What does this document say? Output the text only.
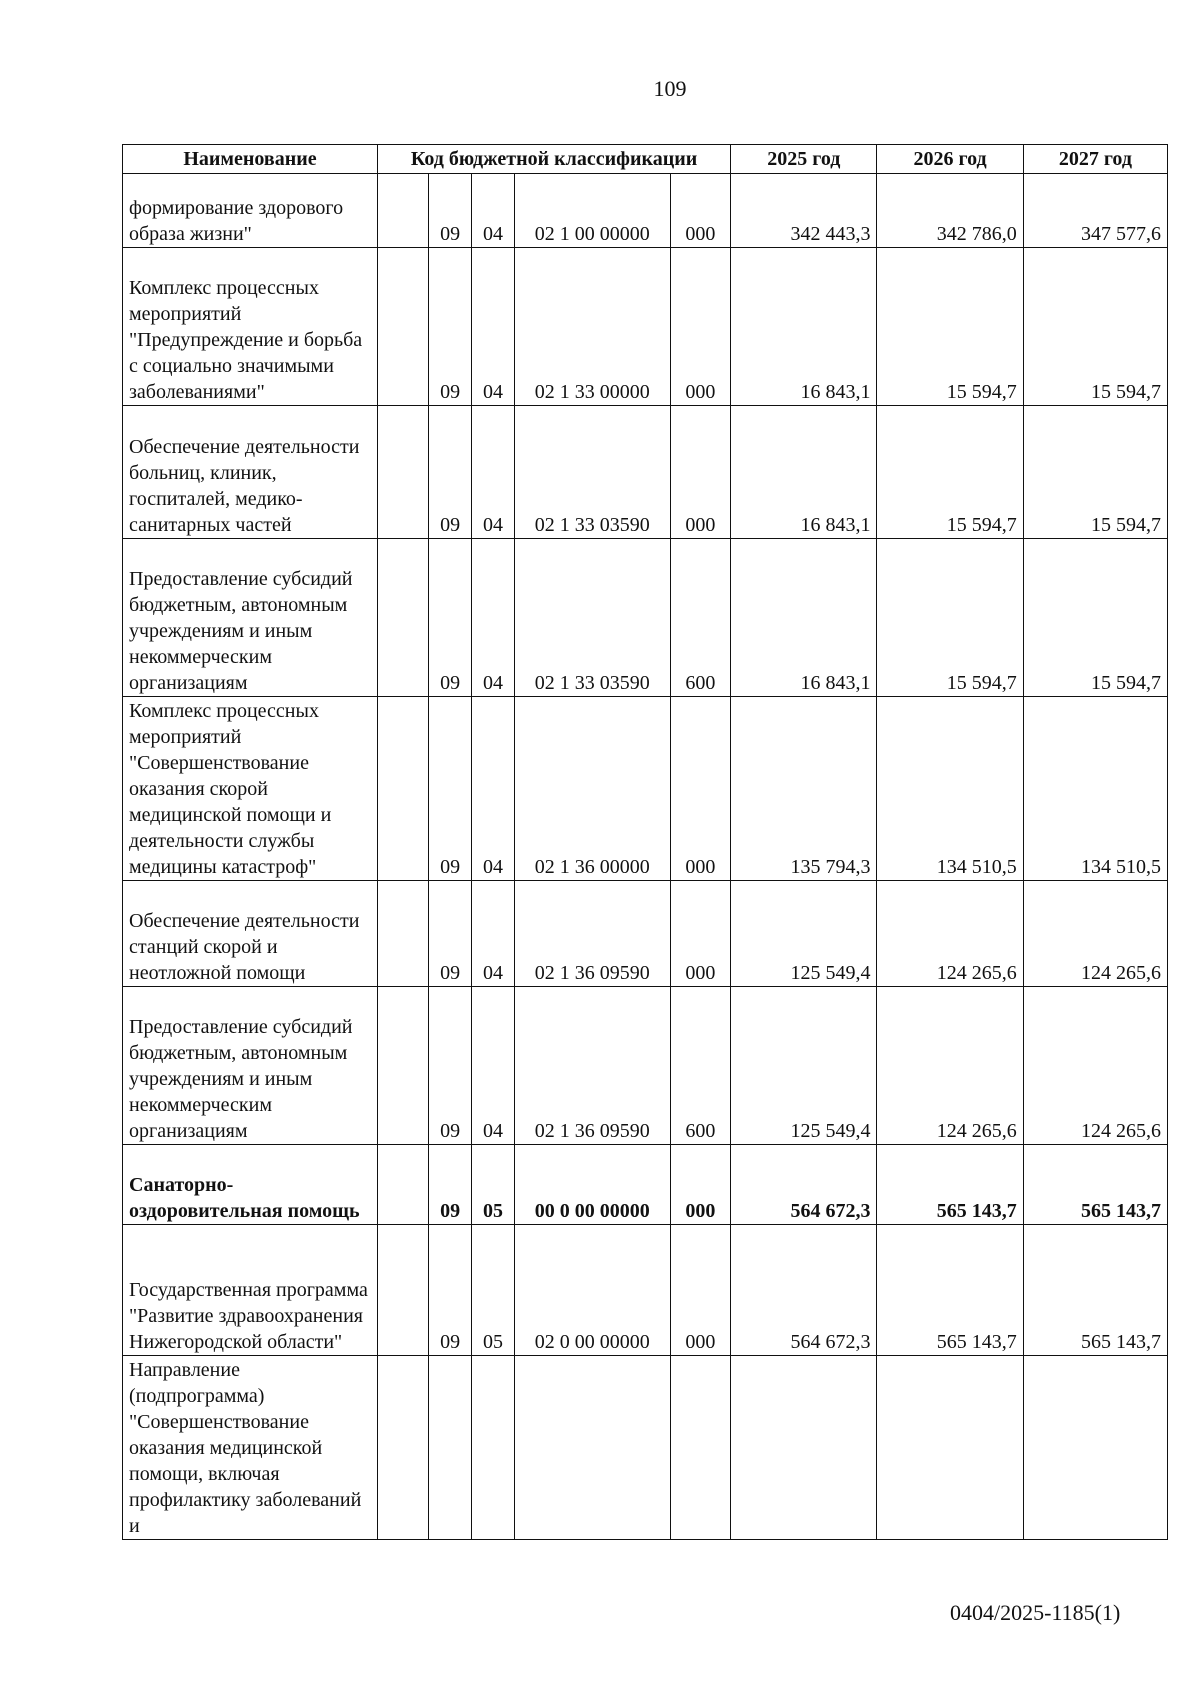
109
Наименование	Код бюджетной классификации					2025 год	2026 год	2027 год

формирование здорового образа жизни"		09	04	02 1 00 00000	000	342 443,3	342 786,0	347 577,6

Комплекс процессных мероприятий "Предупреждение и борьба с социально значимыми заболеваниями"		09	04	02 1 33 00000	000	16 843,1	15 594,7	15 594,7

Обеспечение деятельности больниц, клиник, госпиталей, медико-санитарных частей		09	04	02 1 33 03590	000	16 843,1	15 594,7	15 594,7

Предоставление субсидий бюджетным, автономным учреждениям и иным некоммерческим организациям		09	04	02 1 33 03590	600	16 843,1	15 594,7	15 594,7

Комплекс процессных мероприятий "Совершенствование оказания скорой медицинской помощи и деятельности службы медицины катастроф"		09	04	02 1 36 00000	000	135 794,3	134 510,5	134 510,5

Обеспечение деятельности станций скорой и неотложной помощи		09	04	02 1 36 09590	000	125 549,4	124 265,6	124 265,6

Предоставление субсидий бюджетным, автономным учреждениям и иным некоммерческим организациям		09	04	02 1 36 09590	600	125 549,4	124 265,6	124 265,6

Санаторно-оздоровительная помощь		09	05	00 0 00 00000	000	564 672,3	565 143,7	565 143,7

Государственная программа "Развитие здравоохранения Нижегородской области"		09	05	02 0 00 00000	000	564 672,3	565 143,7	565 143,7

Направление (подпрограмма) "Совершенствование оказания медицинской помощи, включая профилактику заболеваний и								

0404/2025-1185(1)
